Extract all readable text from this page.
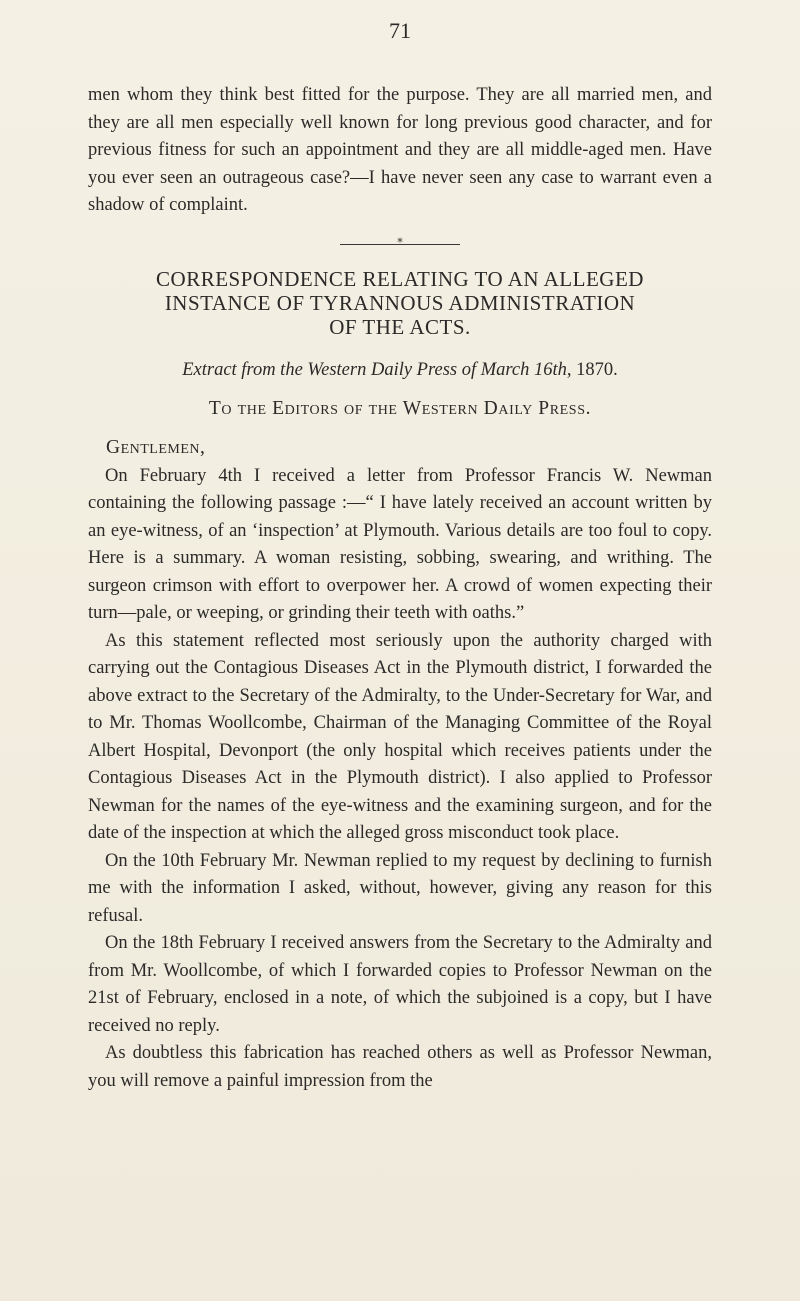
71

men whom they think best fitted for the purpose. They are all married men, and they are all men especially well known for long previous good character, and for previous fitness for such an appointment and they are all middle-aged men. Have you ever seen an outrageous case?—I have never seen any case to warrant even a shadow of complaint.

*
CORRESPONDENCE RELATING TO AN ALLEGED
INSTANCE OF TYRANNOUS ADMINISTRATION
OF THE ACTS.
Extract from the Western Daily Press of March 16th, 1870.
To the Editors of the Western Daily Press.
Gentlemen,

On February 4th I received a letter from Professor Francis W. Newman containing the following passage :—“ I have lately received an account written by an eye-witness, of an ‘inspection’ at Plymouth. Various details are too foul to copy. Here is a summary. A woman resisting, sobbing, swearing, and writhing. The surgeon crimson with effort to overpower her. A crowd of women expecting their turn—pale, or weeping, or grinding their teeth with oaths.”

As this statement reflected most seriously upon the authority charged with carrying out the Contagious Diseases Act in the Plymouth district, I forwarded the above extract to the Secretary of the Admiralty, to the Under-Secretary for War, and to Mr. Thomas Woollcombe, Chairman of the Managing Committee of the Royal Albert Hospital, Devonport (the only hospital which receives patients under the Contagious Diseases Act in the Plymouth district). I also applied to Professor Newman for the names of the eye-witness and the examining surgeon, and for the date of the inspection at which the alleged gross misconduct took place.

On the 10th February Mr. Newman replied to my request by declining to furnish me with the information I asked, without, however, giving any reason for this refusal.

On the 18th February I received answers from the Secretary to the Admiralty and from Mr. Woollcombe, of which I forwarded copies to Professor Newman on the 21st of February, enclosed in a note, of which the subjoined is a copy, but I have received no reply.

As doubtless this fabrication has reached others as well as Professor Newman, you will remove a painful impression from the
